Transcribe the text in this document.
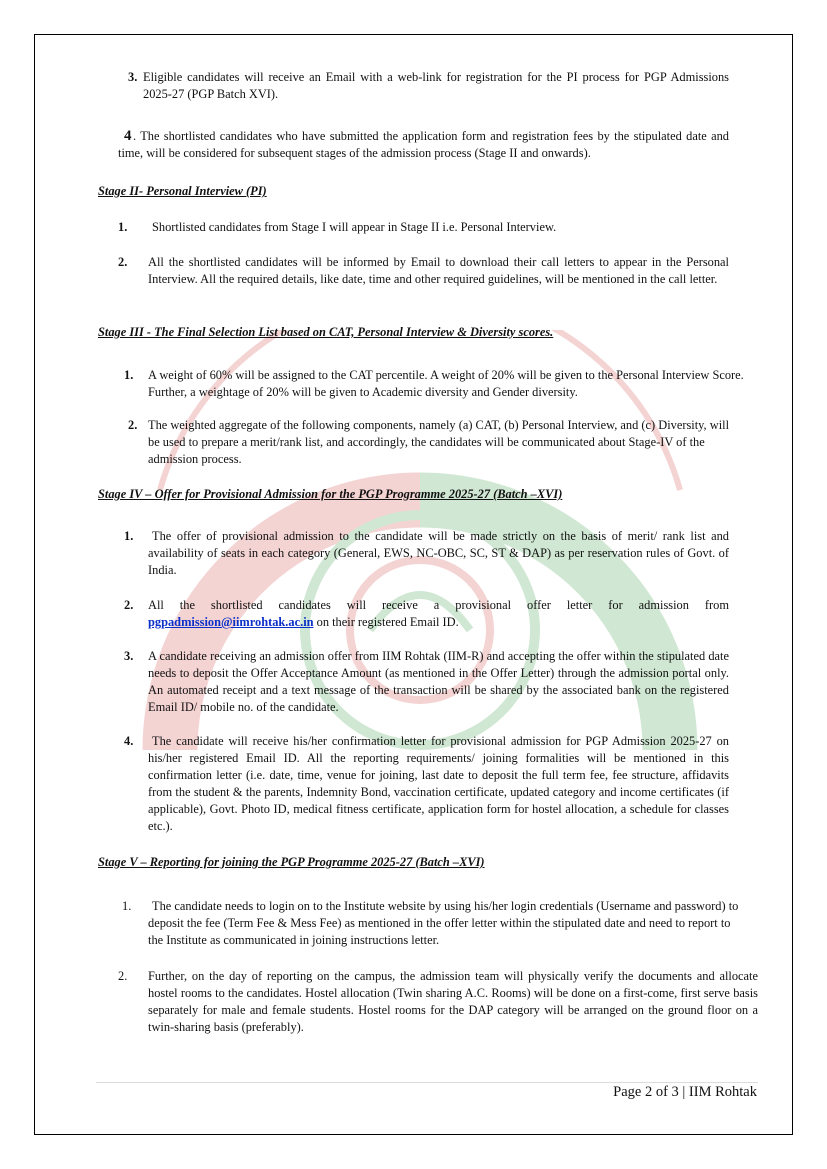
3. Eligible candidates will receive an Email with a web-link for registration for the PI process for PGP Admissions 2025-27 (PGP Batch XVI).
4 . The shortlisted candidates who have submitted the application form and registration fees by the stipulated date and time, will be considered for subsequent stages of the admission process (Stage II and onwards).
Stage II- Personal Interview (PI)
1. Shortlisted candidates from Stage I will appear in Stage II i.e. Personal Interview.
2. All the shortlisted candidates will be informed by Email to download their call letters to appear in the Personal Interview. All the required details, like date, time and other required guidelines, will be mentioned in the call letter.
Stage III - The Final Selection List based on CAT, Personal Interview & Diversity scores.
1. A weight of 60% will be assigned to the CAT percentile. A weight of 20% will be given to the Personal Interview Score. Further, a weightage of 20% will be given to Academic diversity and Gender diversity.
2. The weighted aggregate of the following components, namely (a) CAT, (b) Personal Interview, and (c) Diversity, will be used to prepare a merit/rank list, and accordingly, the candidates will be communicated about Stage-IV of the admission process.
Stage IV – Offer for Provisional Admission for the PGP Programme 2025-27 (Batch –XVI)
1.	The offer of provisional admission to the candidate will be made strictly on the basis of merit/ rank list and availability of seats in each category (General, EWS, NC-OBC, SC, ST & DAP) as per reservation rules of Govt. of India.
2. All the shortlisted candidates will receive a provisional offer letter for admission from
pgpadmission@iimrohtak.ac.in on their registered Email ID.
3. A candidate receiving an admission offer from IIM Rohtak (IIM-R) and accepting the offer within the stipulated date needs to deposit the Offer Acceptance Amount (as mentioned in the Offer Letter) through the admission portal only. An automated receipt and a text message of the transaction will be shared by the associated bank on the registered Email ID/ mobile no. of the candidate.
4.	The candidate will receive his/her confirmation letter for provisional admission for PGP Admission 2025-27 on his/her registered Email ID. All the reporting requirements/ joining formalities will be mentioned in this confirmation letter (i.e. date, time, venue for joining, last date to deposit the full term fee, fee structure, affidavits from the student & the parents, Indemnity Bond, vaccination certificate, updated category and income certificates (if applicable), Govt. Photo ID, medical fitness certificate, application form for hostel allocation, a schedule for classes etc.).
Stage V – Reporting for joining the PGP Programme 2025-27 (Batch –XVI)
1.	The candidate needs to login on to the Institute website by using his/her login credentials (Username and password) to deposit the fee (Term Fee & Mess Fee) as mentioned in the offer letter within the stipulated date and need to report to the Institute as communicated in joining instructions letter.
2. Further, on the day of reporting on the campus, the admission team will physically verify the documents and allocate hostel rooms to the candidates. Hostel allocation (Twin sharing A.C. Rooms) will be done on a first-come, first serve basis separately for male and female students. Hostel rooms for the DAP category will be arranged on the ground floor on a twin-sharing basis (preferably).
Page 2 of 3 | IIM Rohtak
